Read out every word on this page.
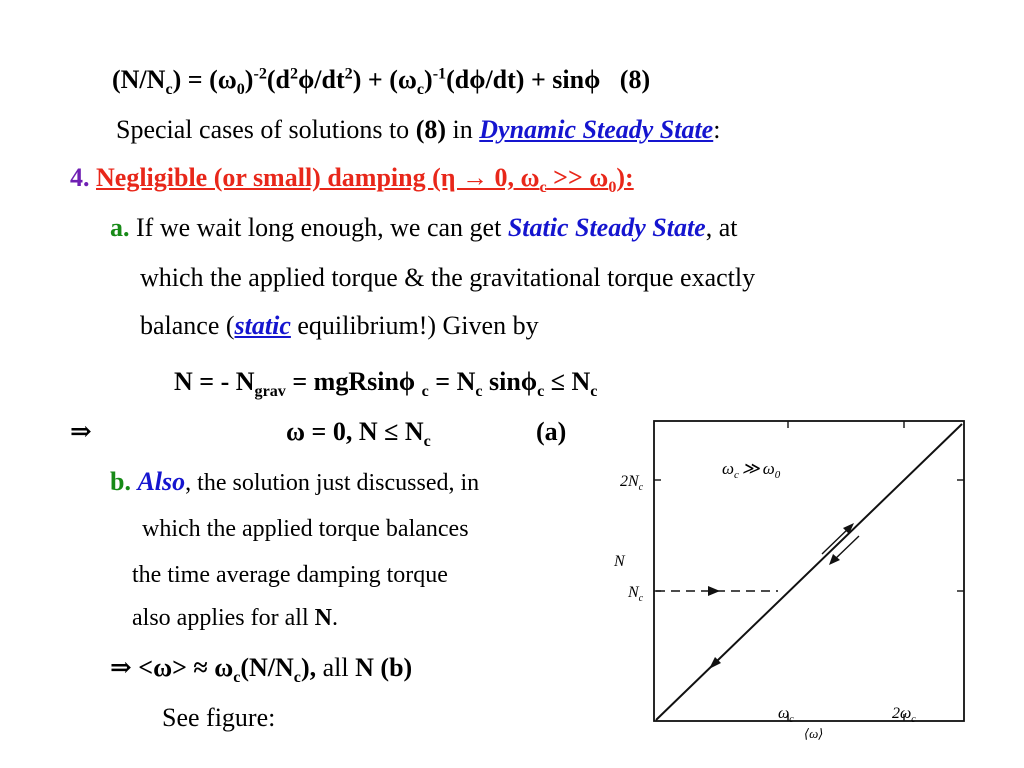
$(N/N_c) = (\omega_0)^{-2}(d^2\phi/dt^2) + (\omega_c)^{-1}(d\phi/dt) + \sin\phi$ (8)
Special cases of solutions to (8) in Dynamic Steady State:
4. Negligible (or small) damping (η → 0, $\omega_c >> \omega_0$):
a. If we wait long enough, we can get Static Steady State, at
which the applied torque & the gravitational torque exactly
balance (static equilibrium!) Given by
N = - $N_{grav} = mgRsin\phi$ $_c = N_c$ $\sin\phi_c \le N_c$
⇒	ω = 0, $N \le N_c$	(a)
b. Also, the solution just discussed, in
which the applied torque balances
the time average damping torque
also applies for all N.
⇒ $<\omega> \approx \omega_c(N/N_c)$, all N (b)
See figure:
$\omega_c$ ≫ $\omega_0$
$2N_c$
N
$N_c$
$\omega_c$	$2\omega_c$
⟨ω⟩
